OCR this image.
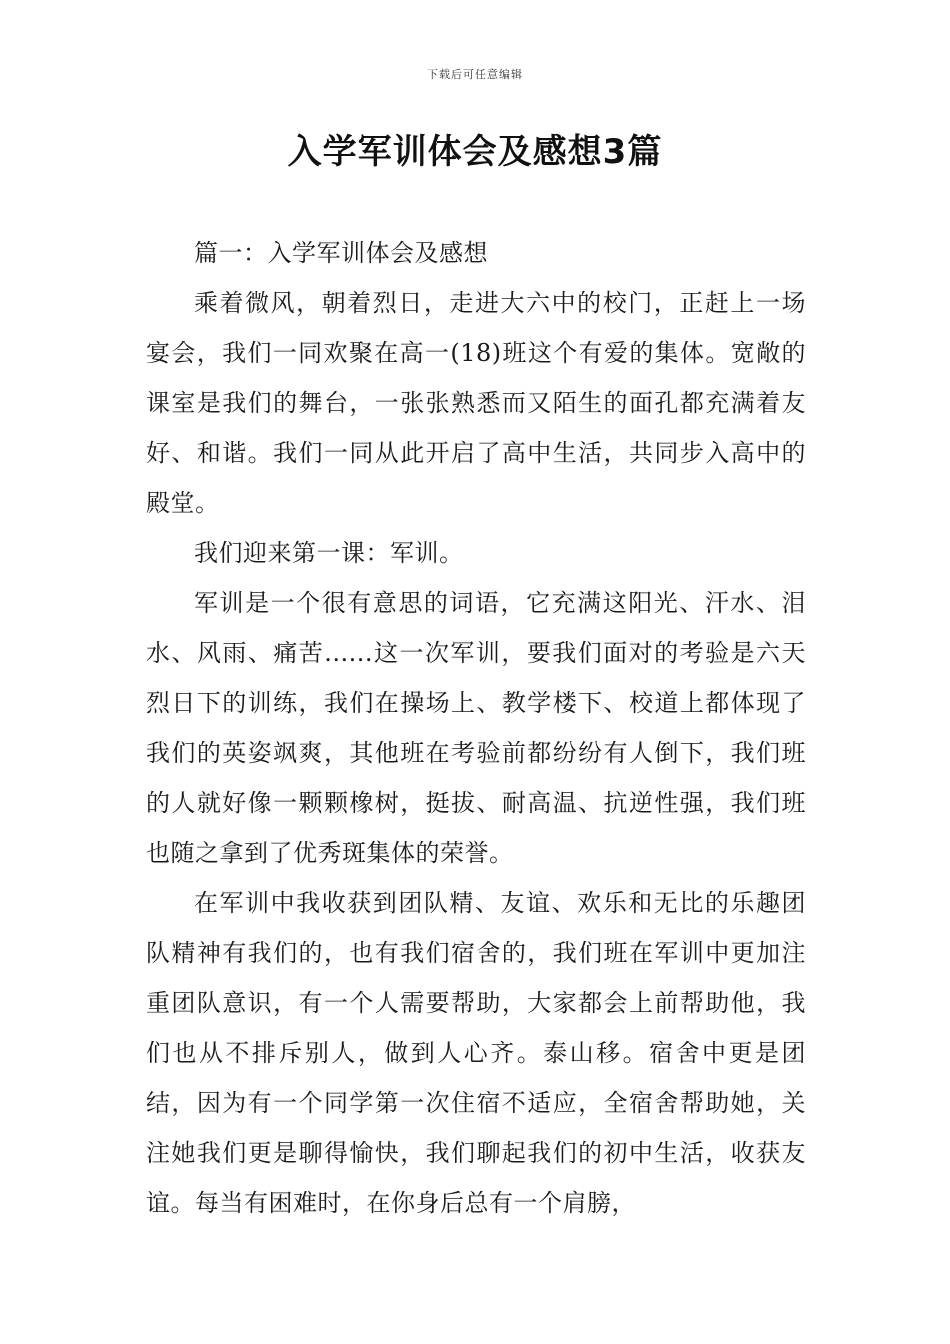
下载后可任意编辑
入学军训体会及感想3篇

篇一：入学军训体会及感想

乘着微风，朝着烈日，走进大六中的校门，正赶上一场宴会，我们一同欢聚在高一(18)班这个有爱的集体。宽敞的课室是我们的舞台，一张张熟悉而又陌生的面孔都充满着友好、和谐。我们一同从此开启了高中生活，共同步入高中的殿堂。

我们迎来第一课：军训。

军训是一个很有意思的词语，它充满这阳光、汗水、泪水、风雨、痛苦......这一次军训，要我们面对的考验是六天烈日下的训练，我们在操场上、教学楼下、校道上都体现了我们的英姿飒爽，其他班在考验前都纷纷有人倒下，我们班的人就好像一颗颗橡树，挺拔、耐高温、抗逆性强，我们班也随之拿到了优秀斑集体的荣誉。

在军训中我收获到团队精、友谊、欢乐和无比的乐趣团队精神有我们的，也有我们宿舍的，我们班在军训中更加注重团队意识，有一个人需要帮助，大家都会上前帮助他，我们也从不排斥别人，做到人心齐。泰山移。宿舍中更是团结，因为有一个同学第一次住宿不适应，全宿舍帮助她，关注她我们更是聊得愉快，我们聊起我们的初中生活，收获友谊。每当有困难时，在你身后总有一个肩膀，
